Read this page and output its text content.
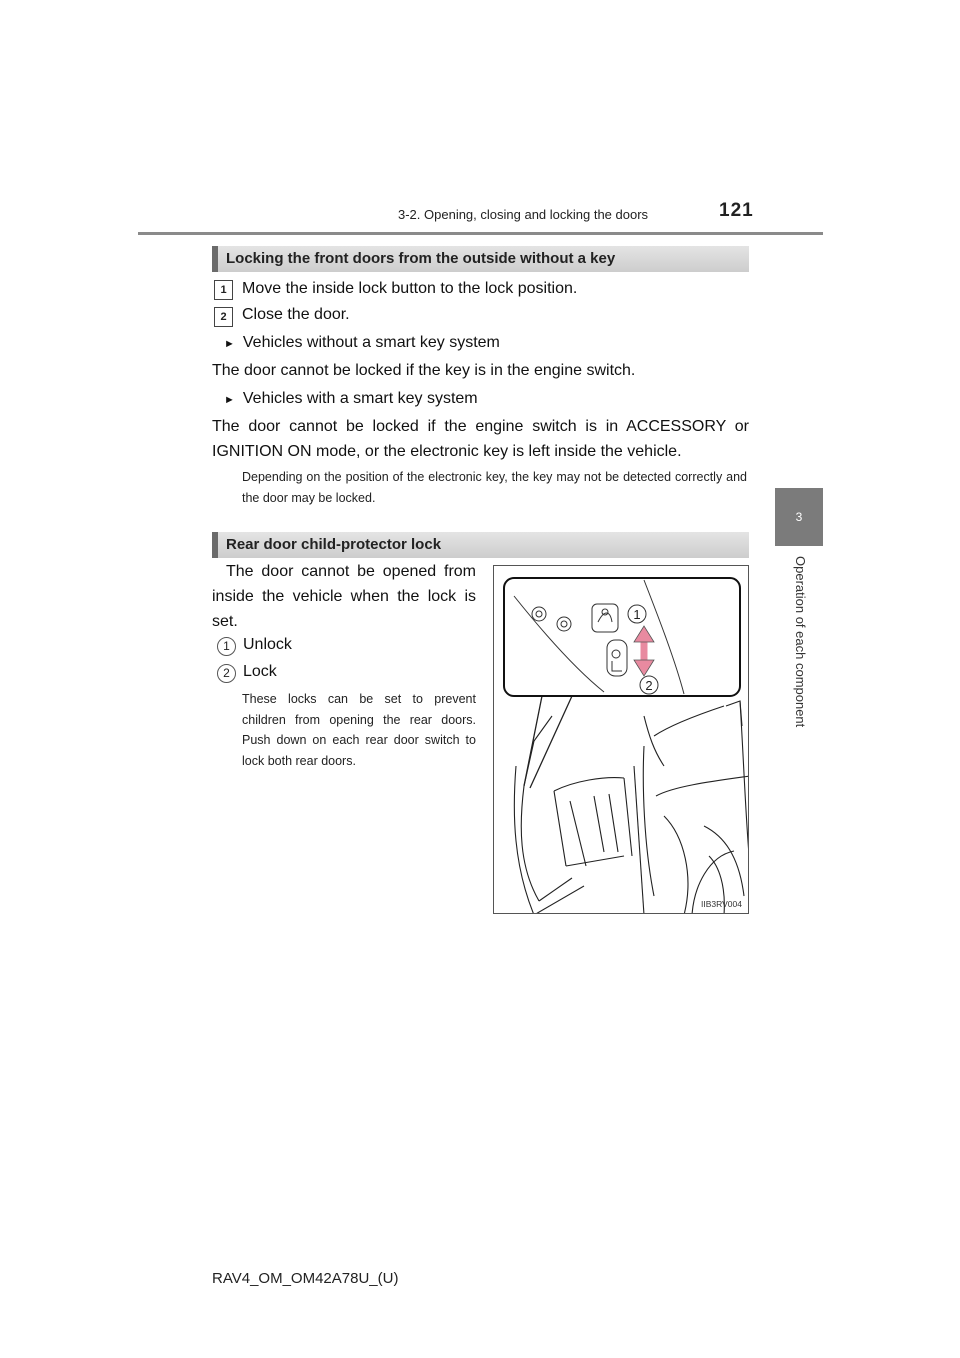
3-2. Opening, closing and locking the doors	121
3
Operation of each component
Locking the front doors from the outside without a key
1 Move the inside lock button to the lock position.
2 Close the door.
► Vehicles without a smart key system
The door cannot be locked if the key is in the engine switch.
► Vehicles with a smart key system
The door cannot be locked if the engine switch is in ACCESSORY or
IGNITION ON mode, or the electronic key is left inside the vehicle.
Depending on the position of the electronic key, the key may not be detected correctly and the door may be locked.
Rear door child-protector lock
The door cannot be opened from
inside the vehicle when the lock is
set.
1 Unlock
2 Lock
These locks can be set to prevent children from opening the rear doors. Push down on each rear door switch to lock both rear doors.
1
2
IIB3RV004
RAV4_OM_OM42A78U_(U)
